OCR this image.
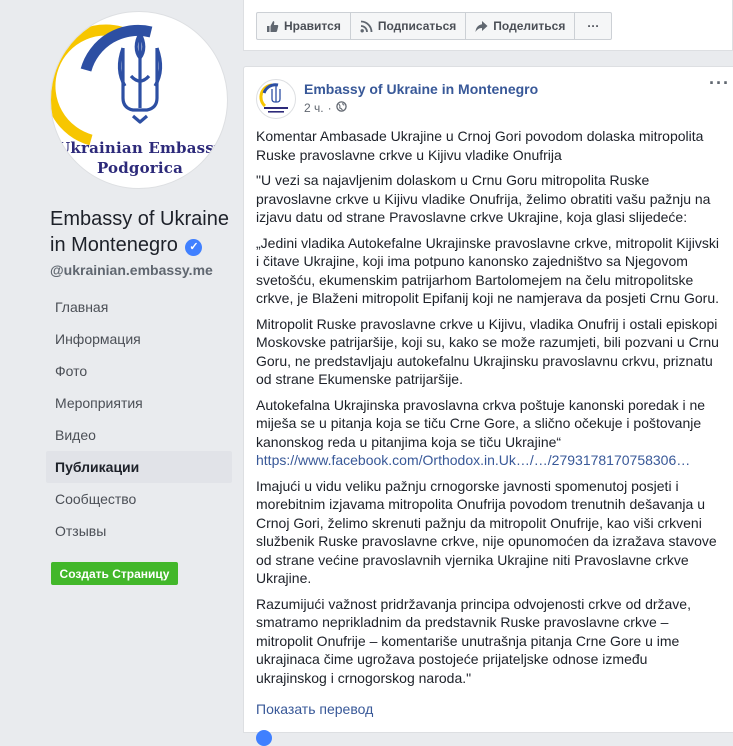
Ukrainian Embassy
Podgorica
Embassy of Ukraine
in Montenegro ✓
@ukrainian.embassy.me
Главная
Информация
Фото
Мероприятия
Видео
Публикации
Сообщество
Отзывы
Создать Страницу
Нравится	Подписаться	Поделиться ···
Embassy of Ukraine in Montenegro
2 ч. ·
···

Komentar Ambasade Ukrajine u Crnoj Gori povodom dolaska mitropolita Ruske pravoslavne crkve u Kijivu vladike Onufrija

"U vezi sa najavljenim dolaskom u Crnu Goru mitropolita Ruske pravoslavne crkve u Kijivu vladike Onufrija, želimo obratiti vašu pažnju na izjavu datu od strane Pravoslavne crkve Ukrajine, koja glasi slijedeće:

„Jedini vladika Autokefalne Ukrajinske pravoslavne crkve, mitropolit Kijivski i čitave Ukrajine, koji ima potpuno kanonsko zajedništvo sa Njegovom svetošću, ekumenskim patrijarhom Bartolomejem na čelu mitropolitske crkve, je Blaženi mitropolit Epifanij koji ne namjerava da posjeti Crnu Goru.

Mitropolit Ruske pravoslavne crkve u Kijivu, vladika Onufrij i ostali episkopi Moskovske patrijaršije, koji su, kako se može razumjeti, bili pozvani u Crnu Goru, ne predstavljaju autokefalnu Ukrajinsku pravoslavnu crkvu, priznatu od strane Ekumenske patrijaršije.

Autokefalna Ukrajinska pravoslavna crkva poštuje kanonski poredak i ne miješa se u pitanja koja se tiču Crne Gore, a slično očekuje i poštovanje kanonskog reda u pitanjima koja se tiču Ukrajine“
https://www.facebook.com/Orthodox.in.Uk…/…/2793178170758306…

Imajući u vidu veliku pažnju crnogorske javnosti spomenutoj posjeti i morebitnim izjavama mitropolita Onufrija povodom trenutnih dešavanja u Crnoj Gori, želimo skrenuti pažnju da mitropolit Onufrije, kao viši crkveni službenik Ruske pravoslavne crkve, nije opunomoćen da izražava stavove od strane većine pravoslavnih vjernika Ukrajine niti Pravoslavne crkve Ukrajine.

Razumijući važnost pridržavanja principa odvojenosti crkve od države, smatramo neprikladnim da predstavnik Ruske pravoslavne crkve – mitropolit Onufrije – komentariše unutrašnja pitanja Crne Gore u ime ukrajinaca čime ugrožava postojeće prijateljske odnose između ukrajinskog i crnogorskog naroda."

Показать перевод
